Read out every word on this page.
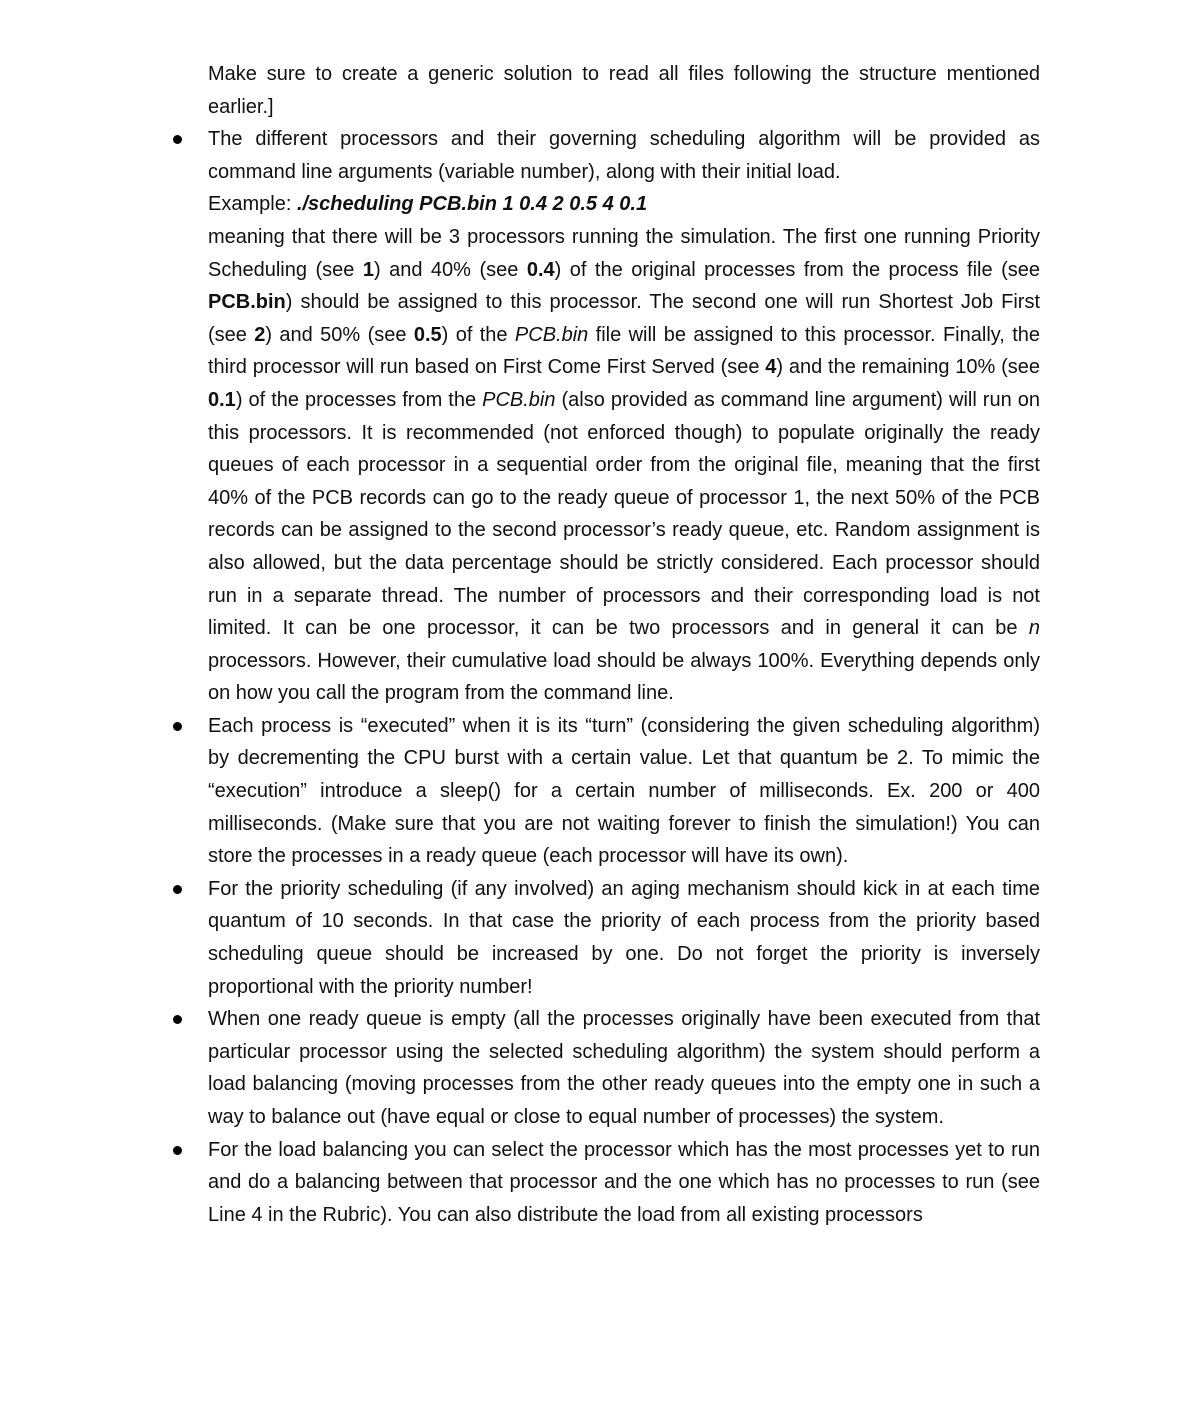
Make sure to create a generic solution to read all files following the structure mentioned earlier.]

The different processors and their governing scheduling algorithm will be provided as command line arguments (variable number), along with their initial load.

Example: ./scheduling PCB.bin 1 0.4 2 0.5 4 0.1

meaning that there will be 3 processors running the simulation. The first one running Priority Scheduling (see 1) and 40% (see 0.4) of the original processes from the process file (see PCB.bin) should be assigned to this processor. The second one will run Shortest Job First (see 2) and 50% (see 0.5) of the PCB.bin file will be assigned to this processor. Finally, the third processor will run based on First Come First Served (see 4) and the remaining 10% (see 0.1) of the processes from the PCB.bin (also provided as command line argument) will run on this processors. It is recommended (not enforced though) to populate originally the ready queues of each processor in a sequential order from the original file, meaning that the first 40% of the PCB records can go to the ready queue of processor 1, the next 50% of the PCB records can be assigned to the second processor’s ready queue, etc. Random assignment is also allowed, but the data percentage should be strictly considered. Each processor should run in a separate thread. The number of processors and their corresponding load is not limited. It can be one processor, it can be two processors and in general it can be n processors. However, their cumulative load should be always 100%. Everything depends only on how you call the program from the command line.

Each process is “executed” when it is its “turn” (considering the given scheduling algorithm) by decrementing the CPU burst with a certain value. Let that quantum be 2. To mimic the “execution” introduce a sleep() for a certain number of milliseconds. Ex. 200 or 400 milliseconds. (Make sure that you are not waiting forever to finish the simulation!) You can store the processes in a ready queue (each processor will have its own).

For the priority scheduling (if any involved) an aging mechanism should kick in at each time quantum of 10 seconds. In that case the priority of each process from the priority based scheduling queue should be increased by one. Do not forget the priority is inversely proportional with the priority number!

When one ready queue is empty (all the processes originally have been executed from that particular processor using the selected scheduling algorithm) the system should perform a load balancing (moving processes from the other ready queues into the empty one in such a way to balance out (have equal or close to equal number of processes) the system.

For the load balancing you can select the processor which has the most processes yet to run and do a balancing between that processor and the one which has no processes to run (see Line 4 in the Rubric). You can also distribute the load from all existing processors
